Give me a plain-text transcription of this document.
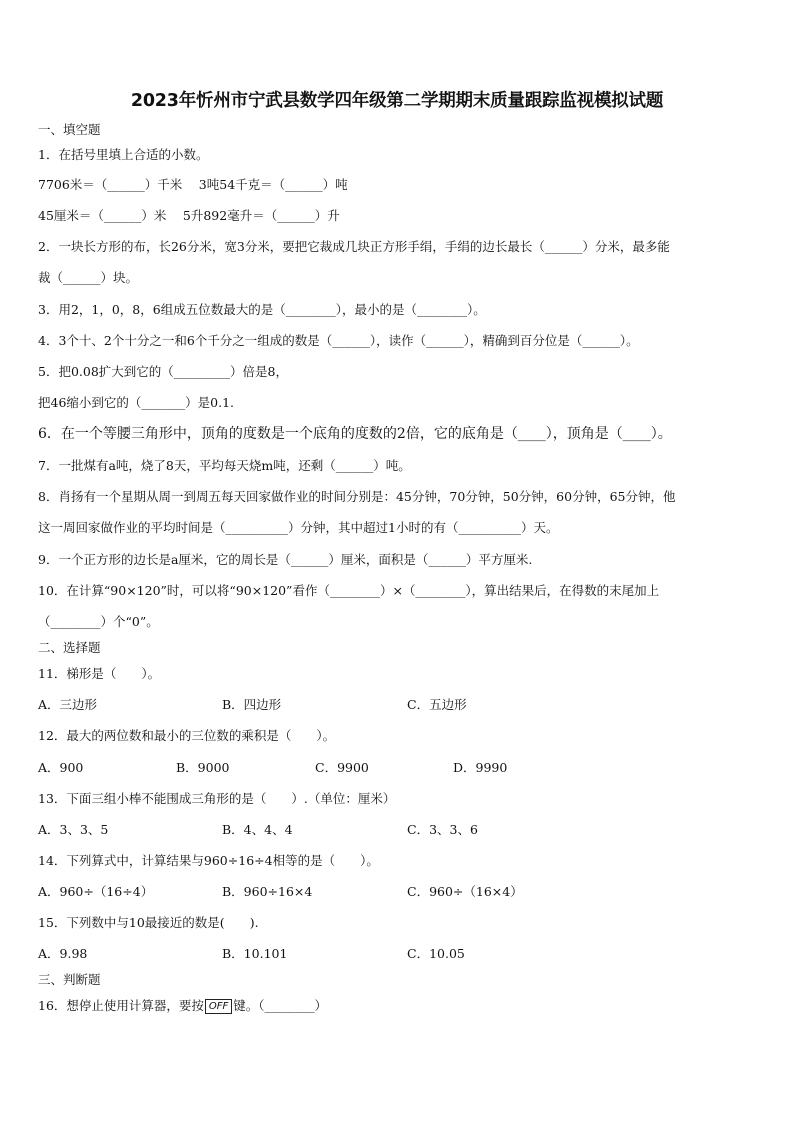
2023年忻州市宁武县数学四年级第二学期期末质量跟踪监视模拟试题
一、填空题
1．在括号里填上合适的小数。
7706米＝（______）千米　 3吨54千克＝（______）吨
45厘米＝（______）米　 5升892毫升＝（______）升
2．一块长方形的布，长26分米，宽3分米，要把它裁成几块正方形手绢，手绢的边长最长（______）分米，最多能
裁（______）块。
3．用2，1，0，8，6组成五位数最大的是（________），最小的是（________）。
4．3个十、2个十分之一和6个千分之一组成的数是（______），读作（______），精确到百分位是（______）。
5．把0.08扩大到它的（_________）倍是8，
把46缩小到它的（_______）是0.1.
6．在一个等腰三角形中，顶角的度数是一个底角的度数的2倍，它的底角是（____），顶角是（____）。
7．一批煤有a吨，烧了8天，平均每天烧m吨，还剩（______）吨。
8．肖扬有一个星期从周一到周五每天回家做作业的时间分别是：45分钟，70分钟，50分钟，60分钟，65分钟，他
这一周回家做作业的平均时间是（__________）分钟，其中超过1小时的有（__________）天。
9．一个正方形的边长是a厘米，它的周长是（______）厘米，面积是（______）平方厘米.
10．在计算“90×120”时，可以将“90×120”看作（________）×（________），算出结果后，在得数的末尾加上
（________）个“0”。
二、选择题
11．梯形是（　　）。
A．三边形	B．四边形	C．五边形
12．最大的两位数和最小的三位数的乘积是（　　）。
A．900	B．9000	C．9900	D．9990
13．下面三组小棒不能围成三角形的是（　　）.（单位：厘米）
A．3、3、5	B．4、4、4	C．3、3、6
14．下列算式中，计算结果与960÷16÷4相等的是（　　）。
A．960÷（16÷4）	B．960÷16×4	C．960÷（16×4）
15．下列数中与10最接近的数是(　　).
A．9.98	B．10.101	C．10.05
三、判断题
16．想停止使用计算器，要按 OFF 键。（________）
